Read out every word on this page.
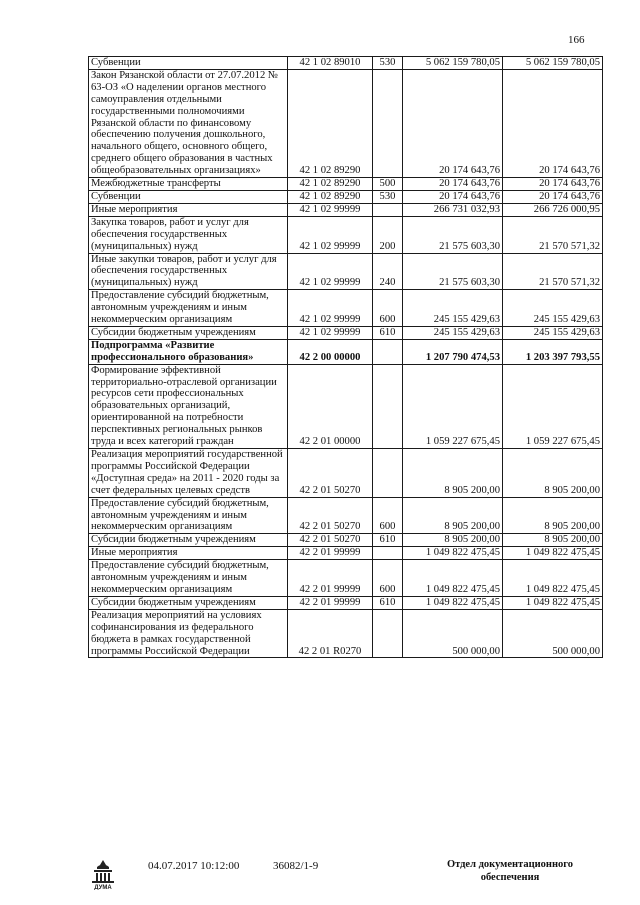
166
Субвенции	42 1 02 89010	530	5 062 159 780,05	5 062 159 780,05
Закон Рязанской области от 27.07.2012 № 63-ОЗ «О наделении органов местного самоуправления отдельными государственными полномочиями Рязанской области по финансовому обеспечению получения дошкольного, начального общего, основного общего, среднего общего образования в частных общеобразовательных организациях»	42 1 02 89290		20 174 643,76	20 174 643,76
Межбюджетные трансферты	42 1 02 89290	500	20 174 643,76	20 174 643,76
Субвенции	42 1 02 89290	530	20 174 643,76	20 174 643,76
Иные мероприятия	42 1 02 99999		266 731 032,93	266 726 000,95
Закупка товаров, работ и услуг для обеспечения государственных (муниципальных) нужд	42 1 02 99999	200	21 575 603,30	21 570 571,32
Иные закупки товаров, работ и услуг для обеспечения государственных (муниципальных) нужд	42 1 02 99999	240	21 575 603,30	21 570 571,32
Предоставление субсидий бюджетным, автономным учреждениям и иным некоммерческим организациям	42 1 02 99999	600	245 155 429,63	245 155 429,63
Субсидии бюджетным учреждениям	42 1 02 99999	610	245 155 429,63	245 155 429,63
Подпрограмма «Развитие профессионального образования»	42 2 00 00000		1 207 790 474,53	1 203 397 793,55
Формирование эффективной территориально-отраслевой организации ресурсов сети профессиональных образовательных организаций, ориентированной на потребности перспективных региональных рынков труда и всех категорий граждан	42 2 01 00000		1 059 227 675,45	1 059 227 675,45
Реализация мероприятий государственной программы Российской Федерации «Доступная среда» на 2011 - 2020 годы за счет федеральных целевых средств	42 2 01 50270		8 905 200,00	8 905 200,00
Предоставление субсидий бюджетным, автономным учреждениям и иным некоммерческим организациям	42 2 01 50270	600	8 905 200,00	8 905 200,00
Субсидии бюджетным учреждениям	42 2 01 50270	610	8 905 200,00	8 905 200,00
Иные мероприятия	42 2 01 99999		1 049 822 475,45	1 049 822 475,45
Предоставление субсидий бюджетным, автономным учреждениям и иным некоммерческим организациям	42 2 01 99999	600	1 049 822 475,45	1 049 822 475,45
Субсидии бюджетным учреждениям	42 2 01 99999	610	1 049 822 475,45	1 049 822 475,45
Реализация мероприятий на условиях софинансирования из федерального бюджета в рамках государственной программы Российской Федерации	42 2 01 R0270		500 000,00	500 000,00
ДУМА
04.07.2017 10:12:00	36082/1-9	Отдел документационного
обеспечения
